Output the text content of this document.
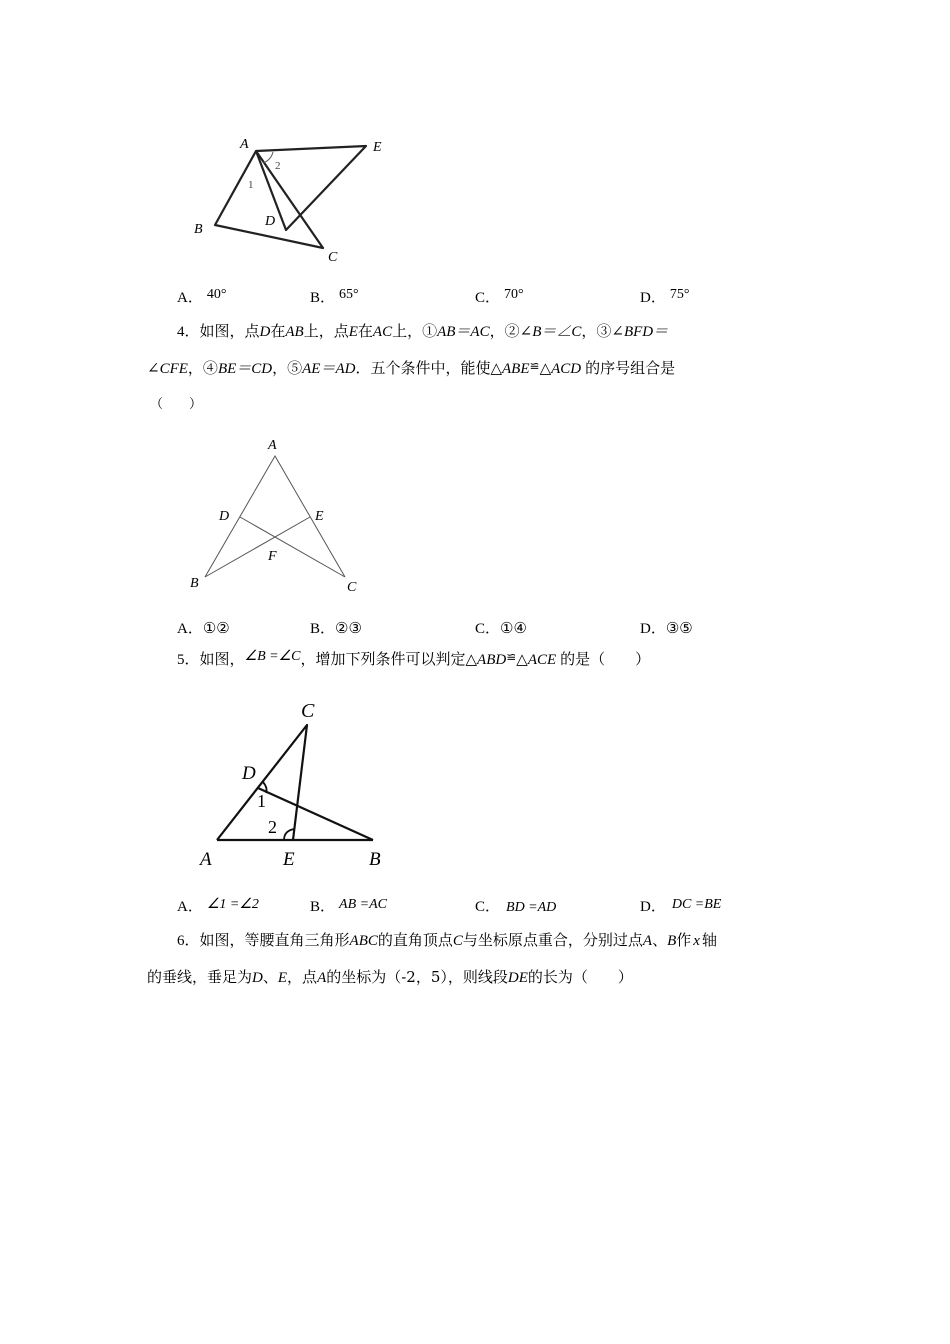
A	E
B
D
C
1
2
A． 40°	B． 65°	C． 70°	D． 75°
4．如图，点D在AB上，点E在AC上，①AB＝AC，②∠B＝∠C，③∠BFD＝
∠CFE，④BE＝CD，⑤AE＝AD．五个条件中，能使△ABE≌△ACD 的序号组合是
（　　）
A
D	E
F
B	C
A．①②	B．②③	C．①④	D．③⑤
5．如图，∠B =∠C，增加下列条件可以判定△ABD≌△ACE 的是（　　）
C
D
1
2
A	E	B
A． ∠1 =∠2	B． AB =AC	C． BD =AD	D． DC =BE
6．如图，等腰直角三角形ABC的直角顶点C与坐标原点重合，分别过点A、B作 x 轴
的垂线，垂足为D、E，点A的坐标为（-2，5），则线段DE的长为（　　）
